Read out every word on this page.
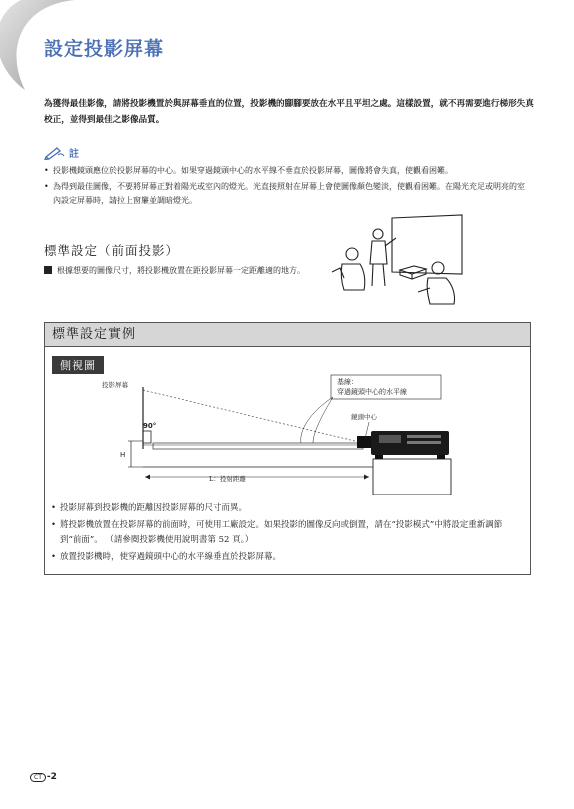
設定投影屏幕
為獲得最佳影像，請將投影機置於與屏幕垂直的位置，投影機的腳腳要放在水平且平坦之處。這樣設置，就不再需要進行梯形失真校正，並得到最佳之影像品質。
註
• 投影機鏡頭應位於投影屏幕的中心。如果穿過鏡頭中心的水平線不垂直於投影屏幕，圖像將會失真，使觀看困難。
• 為得到最佳圖像，不要將屏幕正對着陽光或室內的燈光。光直接照射在屏幕上會使圖像顏色變淡，使觀看困難。在陽光充足或明亮的室內設定屏幕時，請拉上窗簾並調暗燈光。
標準設定（前面投影）
根據想要的圖像尺寸，將投影機放置在距投影屏幕一定距離適的地方。
標準設定實例
側視圖
投影屏幕
90°
H
L：投射距離
基線：
穿過鏡頭中心的水平線
鏡頭中心
• 投影屏幕到投影機的距離因投影屏幕的尺寸而異。
• 將投影機放置在投影屏幕的前面時，可使用工廠設定。如果投影的圖像反向或倒置，請在“投影模式”中將設定重新調節到“前面”。 （請參閱投影機使用說明書第 52 頁。）
• 放置投影機時，使穿過鏡頭中心的水平線垂直於投影屏幕。
CT -2
